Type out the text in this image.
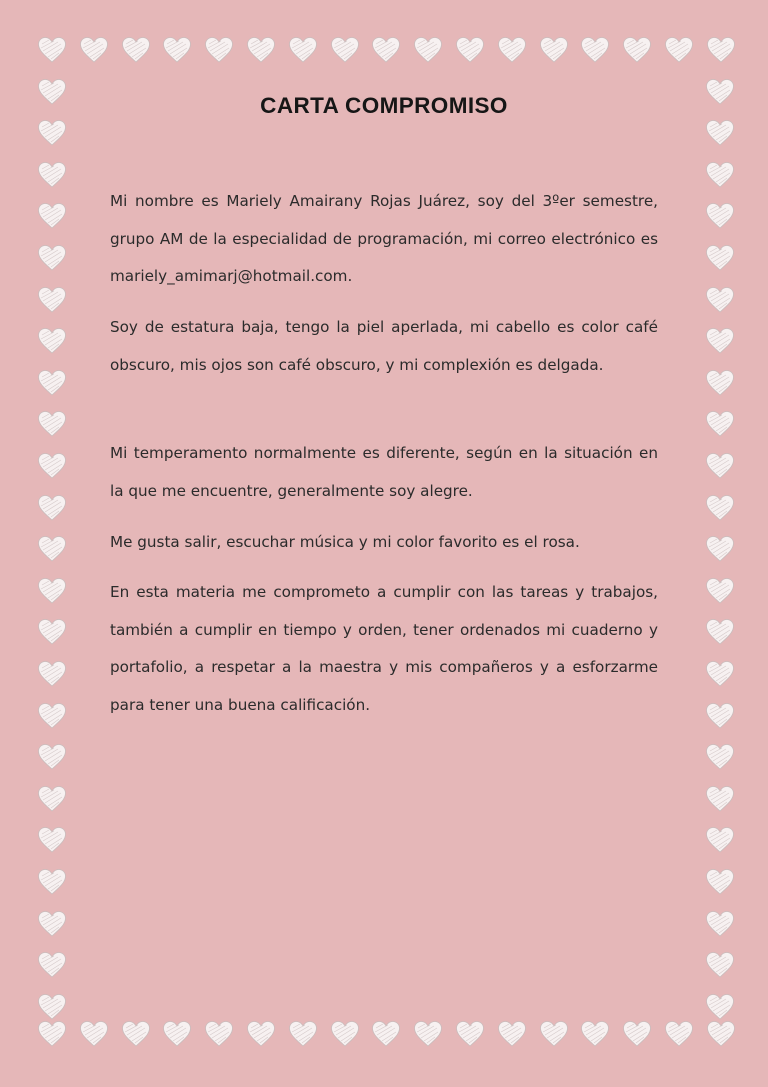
CARTA COMPROMISO

Mi nombre es Mariely Amairany Rojas Juárez, soy del 3ºer semestre, grupo AM de la especialidad de programación, mi correo electrónico es mariely_amimarj@hotmail.com.

Soy de estatura baja, tengo la piel aperlada, mi cabello es color café obscuro, mis ojos son café obscuro, y mi complexión es delgada.

Mi temperamento normalmente es diferente, según en la situación en la que me encuentre, generalmente soy alegre.

Me gusta salir, escuchar música y mi color favorito es el rosa.

En esta materia me comprometo a cumplir con las tareas y trabajos, también a cumplir en tiempo y orden, tener ordenados mi cuaderno y portafolio, a respetar a la maestra y mis compañeros y a esforzarme para tener una buena calificación.
